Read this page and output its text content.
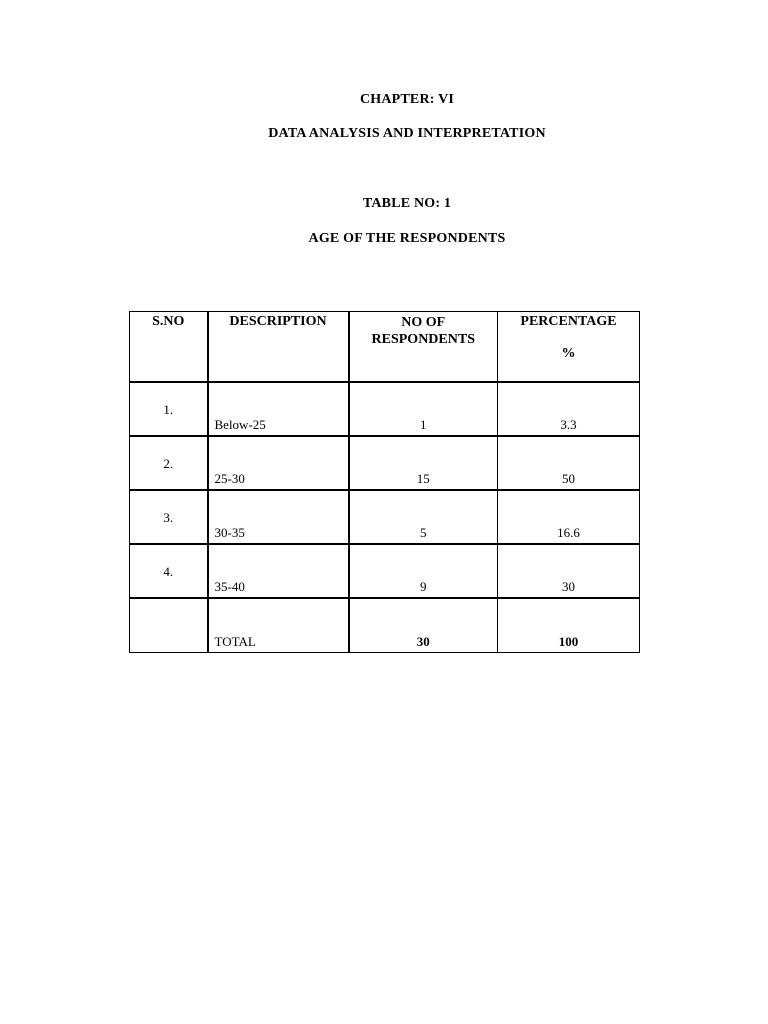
CHAPTER: VI
DATA ANALYSIS AND INTERPRETATION
TABLE NO: 1
AGE OF THE RESPONDENTS
S.NO	DESCRIPTION	NO OF RESPONDENTS	PERCENTAGE
%

1.	Below-25	1	3.3

2.	25-30	15	50

3.	30-35	5	16.6

4.	35-40	9	30

	TOTAL	30	100
